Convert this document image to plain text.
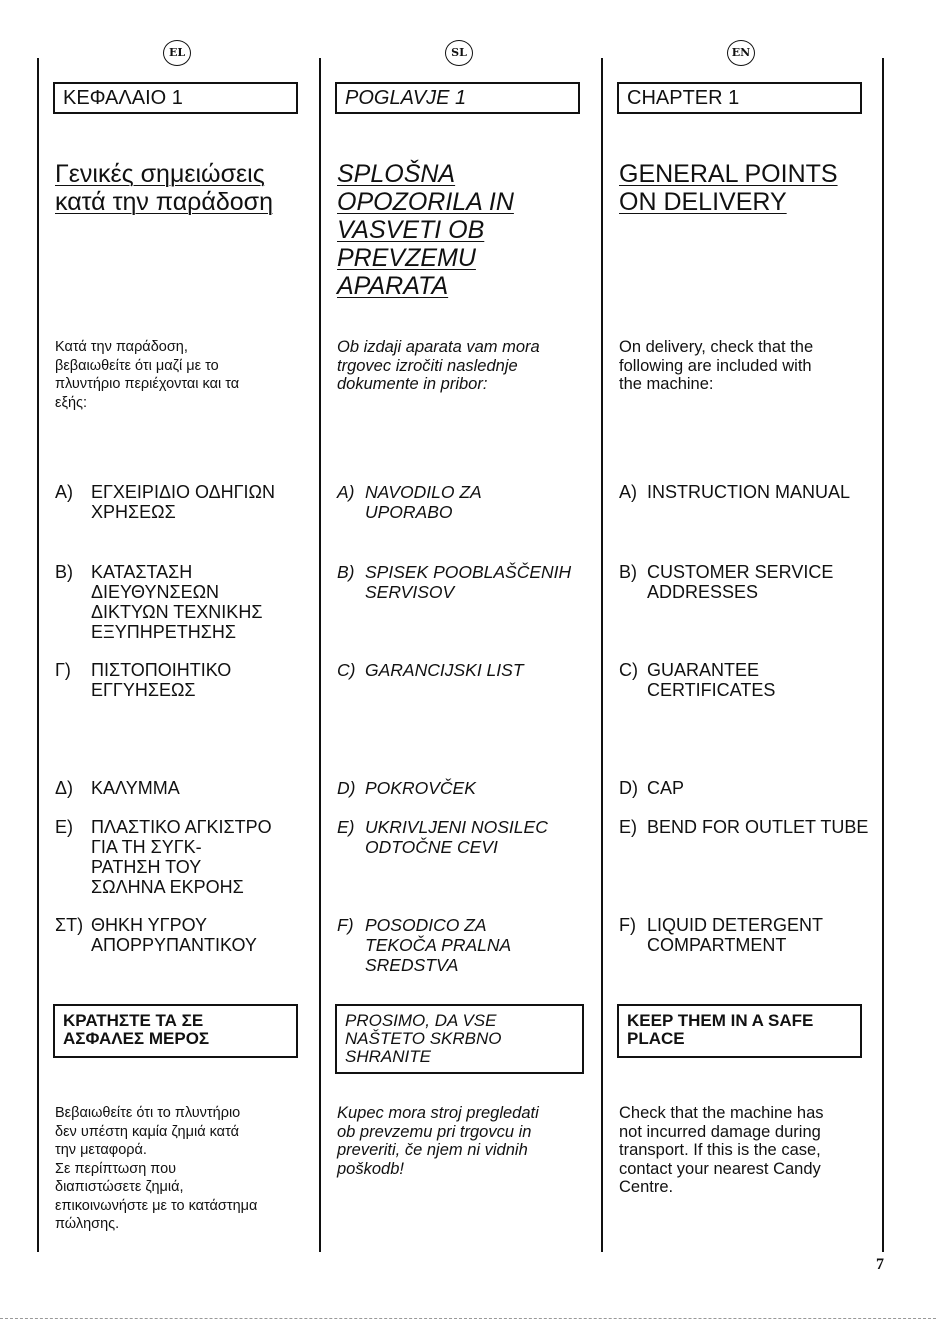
EL
ΚΕΦΑΛΑΙΟ 1
Γενικές σημειώσεις
κατά την παράδοση
Κατά την παράδοση,
βεβαιωθείτε ότι μαζί με το
πλυντήριο περιέχονται και τα
εξής:
Α) ΕΓΧΕΙΡΙΔΙΟ ΟΔΗΓΙΩΝ
ΧΡΗΣΕΩΣ
Β) ΚΑΤΑΣΤΑΣΗ
ΔΙΕΥΘΥΝΣΕΩΝ
ΔΙΚΤΥΩΝ ΤΕΧΝΙΚΗΣ
ΕΞΥΠΗΡΕΤΗΣΗΣ
Γ) ΠΙΣΤΟΠΟΙΗΤΙΚΟ
ΕΓΓΥΗΣΕΩΣ
Δ) ΚΑΛΥΜΜΑ
Ε) ΠΛΑΣΤΙΚΟ ΑΓΚΙΣΤΡΟ
ΓΙΑ ΤΗ ΣΥΓΚ-
ΡΑΤΗΣΗ ΤΟΥ
ΣΩΛΗΝΑ ΕΚΡΟΗΣ
ΣΤ) ΘΗΚΗ ΥΓΡΟΥ
ΑΠΟΡΡΥΠΑΝΤΙΚΟΥ
ΚΡΑΤΗΣΤΕ ΤΑ ΣΕ
ΑΣΦΑΛΕΣ ΜΕΡΟΣ
Βεβαιωθείτε ότι το πλυντήριο
δεν υπέστη καμία ζημιά κατά
την μεταφορά.
Σε περίπτωση που
διαπιστώσετε ζημιά,
επικοινωνήστε με το κατάστημα
πώλησης.
SL
POGLAVJE 1
SPLOŠNA
OPOZORILA IN
VASVETI OB
PREVZEMU
APARATA
Ob izdaji aparata vam mora
trgovec izročiti naslednje
dokumente in pribor:
A) NAVODILO ZA
UPORABO
B) SPISEK POOBLAŠČENIH
SERVISOV
C) GARANCIJSKI LIST
D) POKROVČEK
E) UKRIVLJENI NOSILEC
ODTOČNE CEVI
F) POSODICO ZA
TEKOČA PRALNA
SREDSTVA
PROSIMO, DA VSE
NAŠTETO SKRBNO
SHRANITE
Kupec mora stroj pregledati
ob prevzemu pri trgovcu in
preveriti, če njem ni vidnih
poškodb!
EN
CHAPTER 1
GENERAL POINTS
ON DELIVERY
On delivery, check that the
following are included with
the machine:
A) INSTRUCTION MANUAL
B) CUSTOMER SERVICE
ADDRESSES
C) GUARANTEE
CERTIFICATES
D) CAP
E) BEND FOR OUTLET TUBE
F) LIQUID DETERGENT
COMPARTMENT
KEEP THEM IN A SAFE
PLACE
Check that the machine has
not incurred damage during
transport. If this is the case,
contact your nearest Candy
Centre.
7
